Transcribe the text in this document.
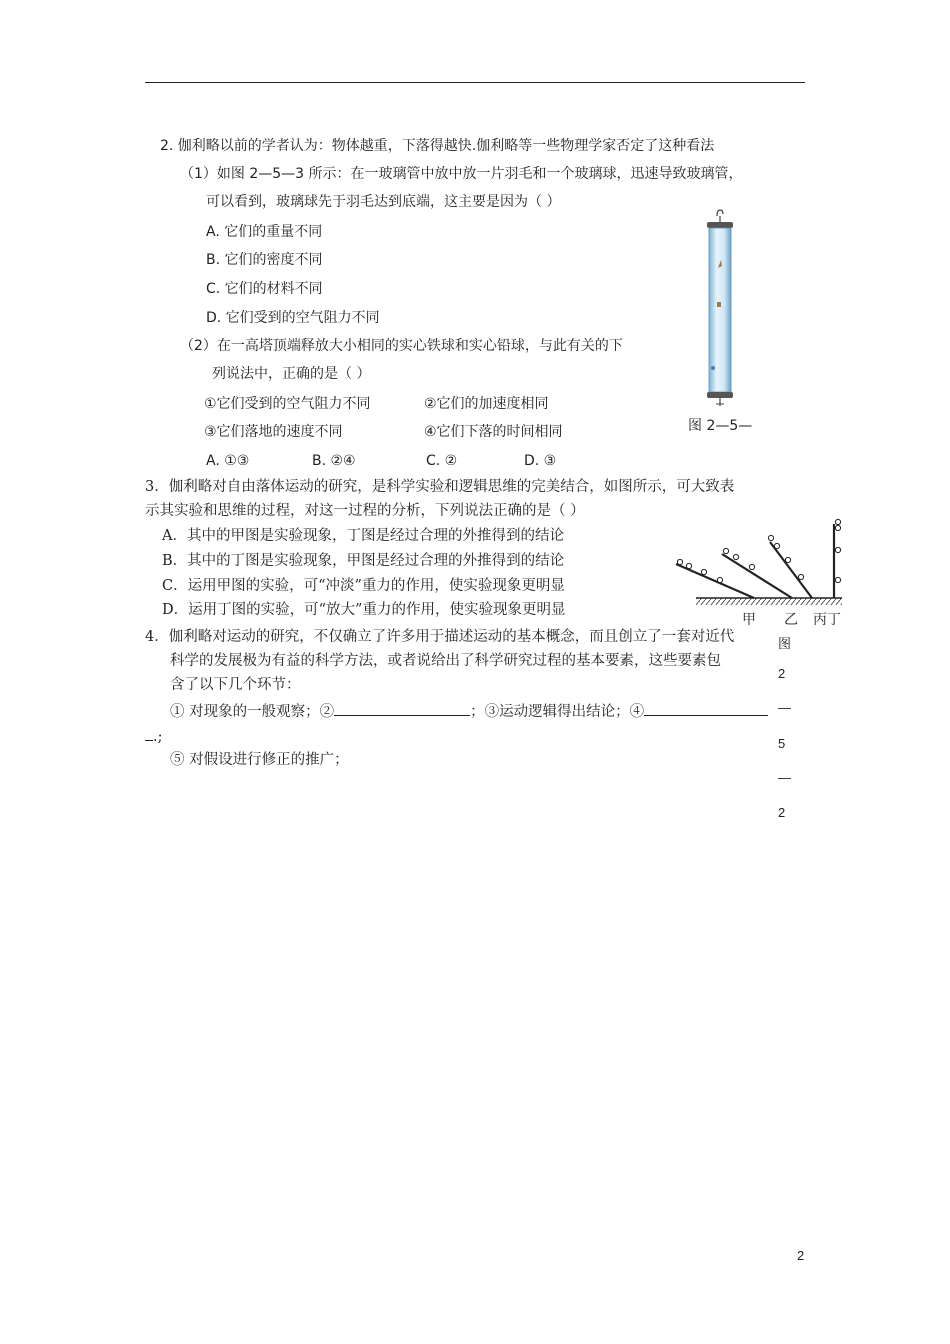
2. 伽利略以前的学者认为：物体越重，下落得越快.伽利略等一些物理学家否定了这种看法
（1）如图 2—5—3 所示：在一玻璃管中放中放一片羽毛和一个玻璃球，迅速导致玻璃管，
可以看到，玻璃球先于羽毛达到底端，这主要是因为（ ）
A. 它们的重量不同
B. 它们的密度不同
C. 它们的材料不同
D. 它们受到的空气阻力不同
（2）在一高塔顶端释放大小相同的实心铁球和实心铅球，与此有关的下
列说法中，正确的是（ ）
①它们受到的空气阻力不同	②它们的加速度相同
③它们落地的速度不同	④它们下落的时间相同
A. ①③	B. ②④	C. ②	D. ③
图 2—5—
3．伽利略对自由落体运动的研究，是科学实验和逻辑思维的完美结合，如图所示，可大致表
示其实验和思维的过程，对这一过程的分析，下列说法正确的是（ ）
A．其中的甲图是实验现象，丁图是经过合理的外推得到的结论
B．其中的丁图是实验现象，甲图是经过合理的外推得到的结论
C．运用甲图的实验，可“冲淡”重力的作用，使实验现象更明显
D．运用丁图的实验，可“放大”重力的作用，使实验现象更明显
甲 乙 丙丁
图
2
—
5
—
2
4．伽利略对运动的研究，不仅确立了许多用于描述运动的基本概念，而且创立了一套对近代
科学的发展极为有益的科学方法，或者说给出了科学研究过程的基本要素，这些要素包
含了以下几个环节：
① 对现象的一般观察；②	；③运动逻辑得出结论；④
.;
⑤ 对假设进行修正的推广；
2
